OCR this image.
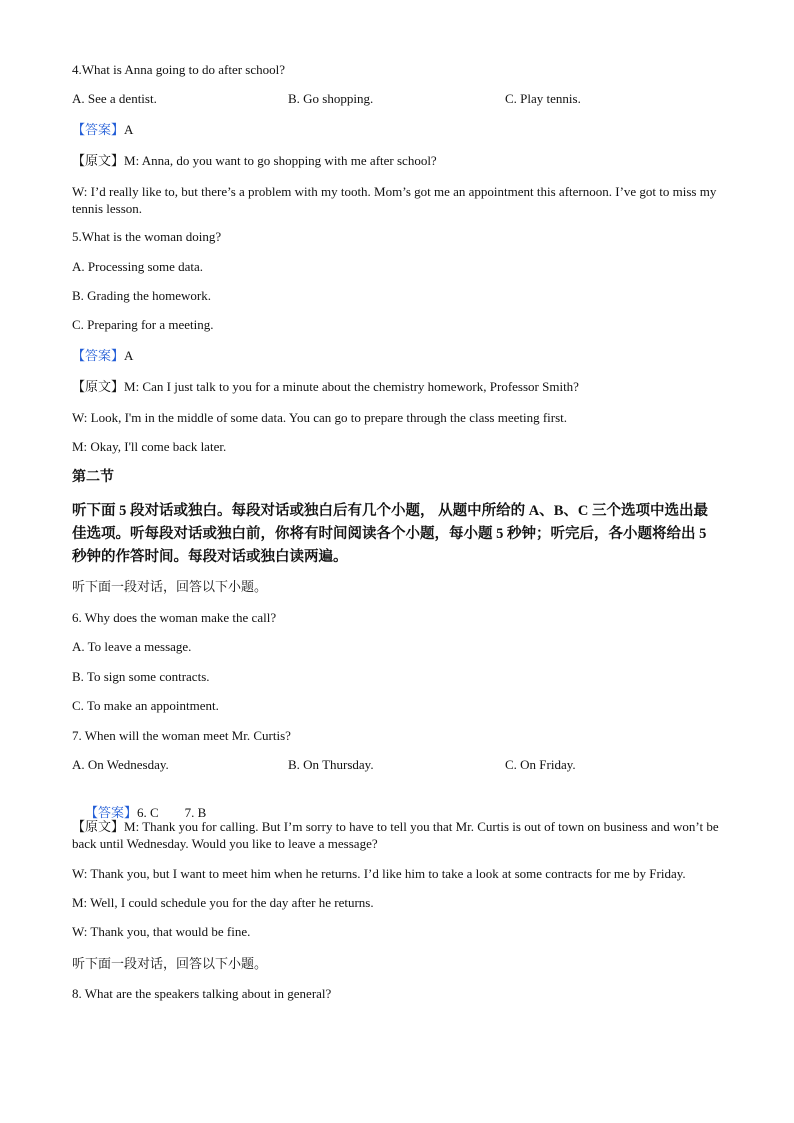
4.What is Anna going to do after school?
A. See a dentist.	B. Go shopping.	C. Play tennis.
【答案】A
【原文】M: Anna, do you want to go shopping with me after school?
W: I’d really like to, but there’s a problem with my tooth. Mom’s got me an appointment this afternoon. I’ve got to miss my tennis lesson.
5.What is the woman doing?
A. Processing some data.
B. Grading the homework.
C. Preparing for a meeting.
【答案】A
【原文】M: Can I just talk to you for a minute about the chemistry homework, Professor Smith?
W: Look, I'm in the middle of some data. You can go to prepare through the class meeting first.
M: Okay, I'll come back later.
第二节
听下面 5 段对话或独白。每段对话或独白后有几个小题， 从题中所给的 A、B、C 三个选项中选出最佳选项。听每段对话或独白前，你将有时间阅读各个小题，每小题 5 秒钟；听完后，各小题将给出 5 秒钟的作答时间。每段对话或独白读两遍。
听下面一段对话，回答以下小题。
6. Why does the woman make the call?
A. To leave a message.
B. To sign some contracts.
C. To make an appointment.
7. When will the woman meet Mr. Curtis?
A. On Wednesday.	B. On Thursday.	C. On Friday.

【答案】6. C        7. B

【原文】M: Thank you for calling. But I’m sorry to have to tell you that Mr. Curtis is out of town on business and won’t be back until Wednesday. Would you like to leave a message?
W: Thank you, but I want to meet him when he returns. I’d like him to take a look at some contracts for me by Friday.
M: Well, I could schedule you for the day after he returns.
W: Thank you, that would be fine.
听下面一段对话，回答以下小题。
8. What are the speakers talking about in general?
